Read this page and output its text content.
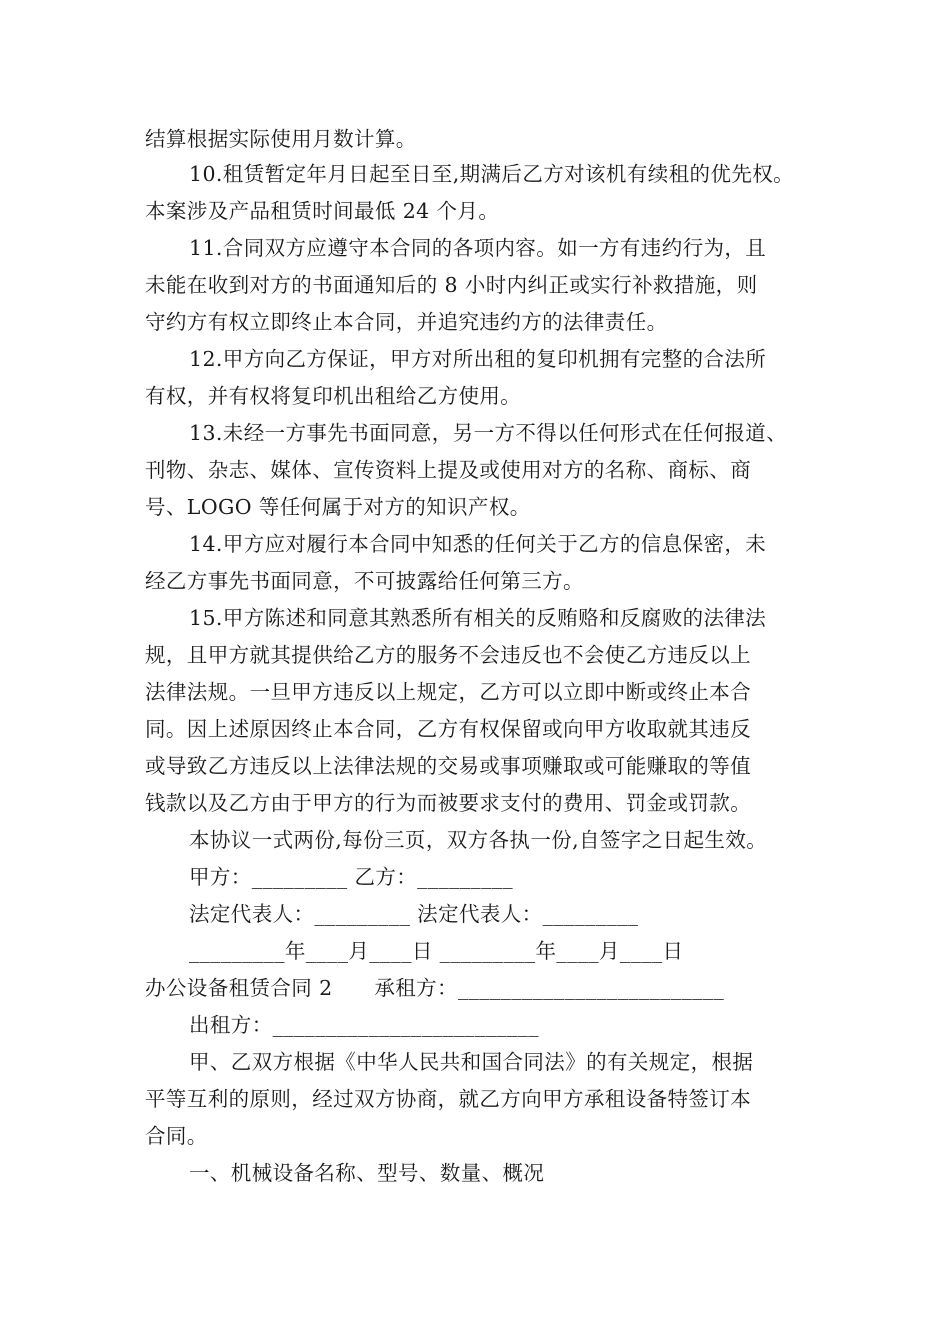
结算根据实际使用月数计算。
10.租赁暂定年月日起至日至,期满后乙方对该机有续租的优先权。
本案涉及产品租赁时间最低 24 个月。
11.合同双方应遵守本合同的各项内容。如一方有违约行为，且
未能在收到对方的书面通知后的 8 小时内纠正或实行补救措施，则
守约方有权立即终止本合同，并追究违约方的法律责任。
12.甲方向乙方保证，甲方对所出租的复印机拥有完整的合法所
有权，并有权将复印机出租给乙方使用。
13.未经一方事先书面同意，另一方不得以任何形式在任何报道、
刊物、杂志、媒体、宣传资料上提及或使用对方的名称、商标、商
号、LOGO 等任何属于对方的知识产权。
14.甲方应对履行本合同中知悉的任何关于乙方的信息保密，未
经乙方事先书面同意，不可披露给任何第三方。
15.甲方陈述和同意其熟悉所有相关的反贿赂和反腐败的法律法
规，且甲方就其提供给乙方的服务不会违反也不会使乙方违反以上
法律法规。一旦甲方违反以上规定，乙方可以立即中断或终止本合
同。因上述原因终止本合同，乙方有权保留或向甲方收取就其违反
或导致乙方违反以上法律法规的交易或事项赚取或可能赚取的等值
钱款以及乙方由于甲方的行为而被要求支付的费用、罚金或罚款。
本协议一式两份,每份三页，双方各执一份,自签字之日起生效。
甲方：_________ 乙方：_________
法定代表人：_________ 法定代表人：_________
_________年____月____日 _________年____月____日
办公设备租赁合同 2　　承租方：_________________________
出租方：_________________________
甲、乙双方根据《中华人民共和国合同法》的有关规定，根据
平等互利的原则，经过双方协商，就乙方向甲方承租设备特签订本
合同。
一、机械设备名称、型号、数量、概况
